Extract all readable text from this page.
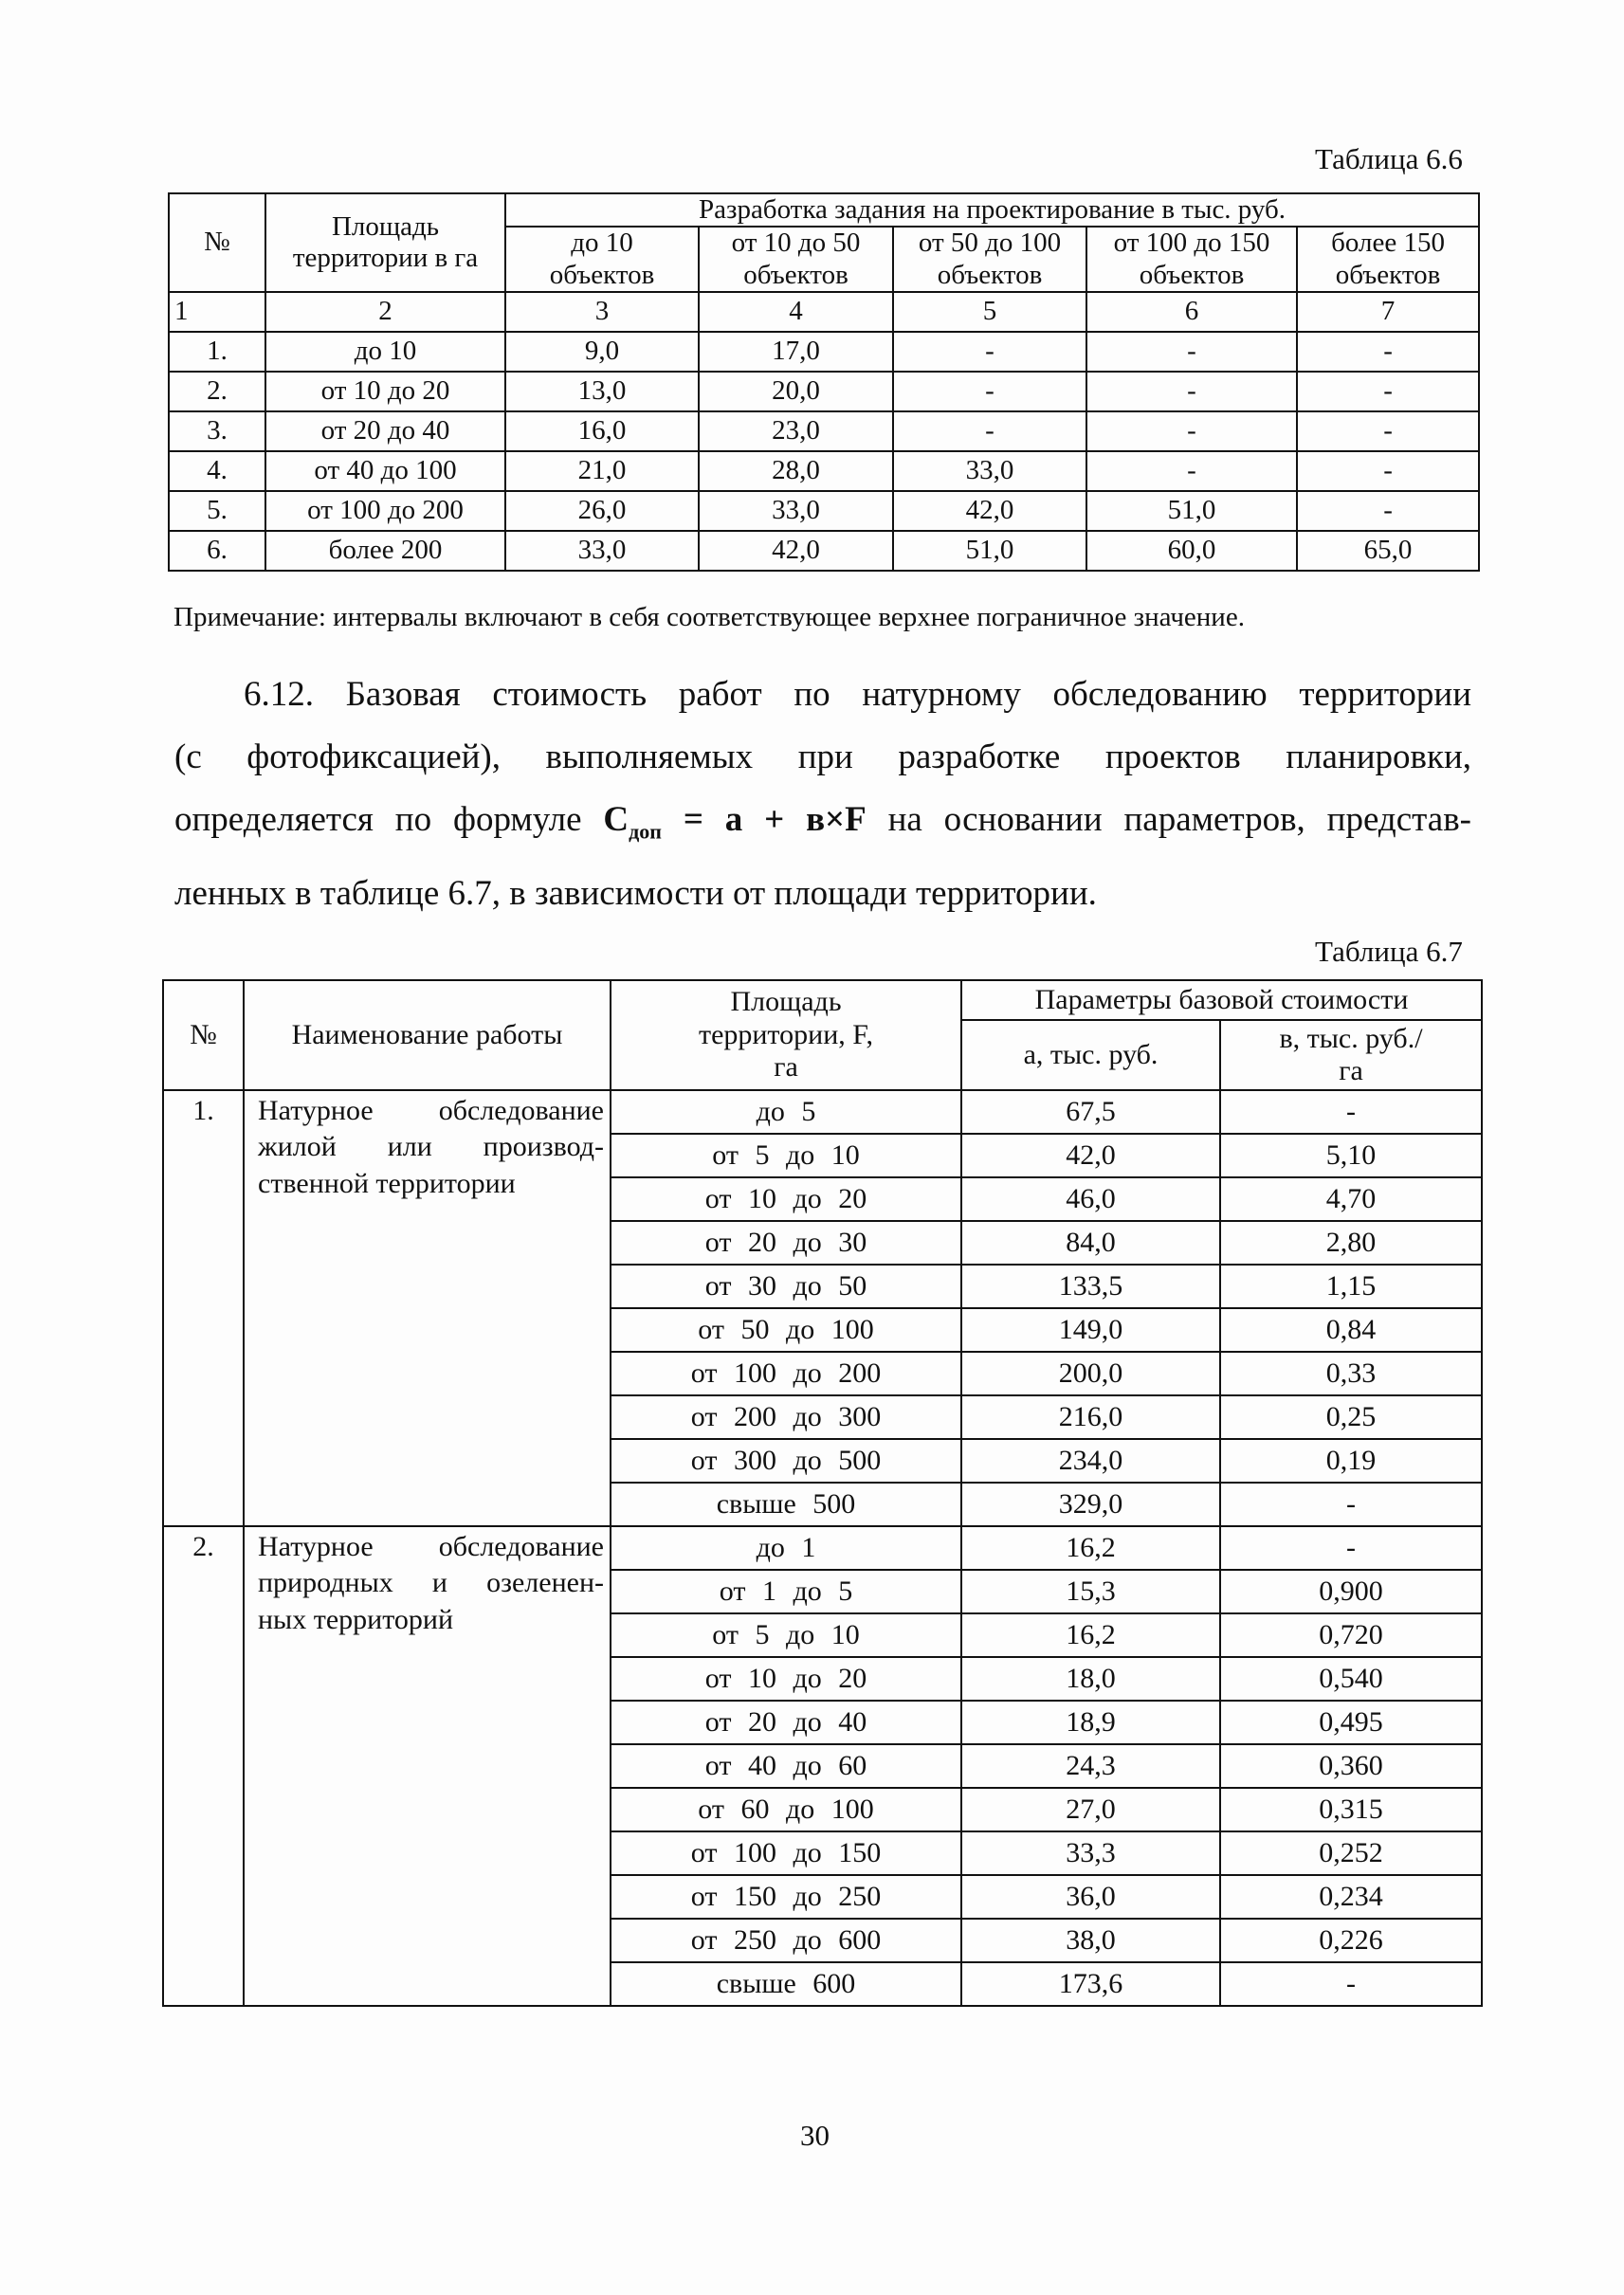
Таблица 6.6
№	Площадь территории в га	Разработка задания на проектирование в тыс. руб.				
		до 10 объектов	от 10 до 50 объектов	от 50 до 100 объектов	от 100 до 150 объектов	более 150 объектов
1	2	3	4	5	6	7
1.	до 10	9,0	17,0	-	-	-
2.	от 10 до 20	13,0	20,0	-	-	-
3.	от 20 до 40	16,0	23,0	-	-	-
4.	от 40 до 100	21,0	28,0	33,0	-	-
5.	от 100 до 200	26,0	33,0	42,0	51,0	-
6.	более 200	33,0	42,0	51,0	60,0	65,0
Примечание: интервалы включают в себя соответствующее верхнее пограничное значение.
6.12. Базовая стоимость работ по натурному обследованию территории
(с фотофиксацией), выполняемых при разработке проектов планировки,
определяется по формуле $C_{доп} = а + в\times F$ на основании параметров, представ-
ленных в таблице 6.7, в зависимости от площади территории.
Таблица 6.7
№	Наименование работы	Площадь территории, F, га	Параметры базовой стоимости	
			а, тыс. руб.	в, тыс. руб./га
1.	Натурное обследование
жилой или производ-
ственной территории	до 5	67,5	-
		от 5 до 10	42,0	5,10
		от 10 до 20	46,0	4,70
		от 20 до 30	84,0	2,80
		от 30 до 50	133,5	1,15
		от 50 до 100	149,0	0,84
		от 100 до 200	200,0	0,33
		от 200 до 300	216,0	0,25
		от 300 до 500	234,0	0,19
		свыше 500	329,0	-
2.	Натурное обследование
природных и озеленен-
ных территорий	до 1	16,2	-
		от 1 до 5	15,3	0,900
		от 5 до 10	16,2	0,720
		от 10 до 20	18,0	0,540
		от 20 до 40	18,9	0,495
		от 40 до 60	24,3	0,360
		от 60 до 100	27,0	0,315
		от 100 до 150	33,3	0,252
		от 150 до 250	36,0	0,234
		от 250 до 600	38,0	0,226
		свыше 600	173,6	-
30
